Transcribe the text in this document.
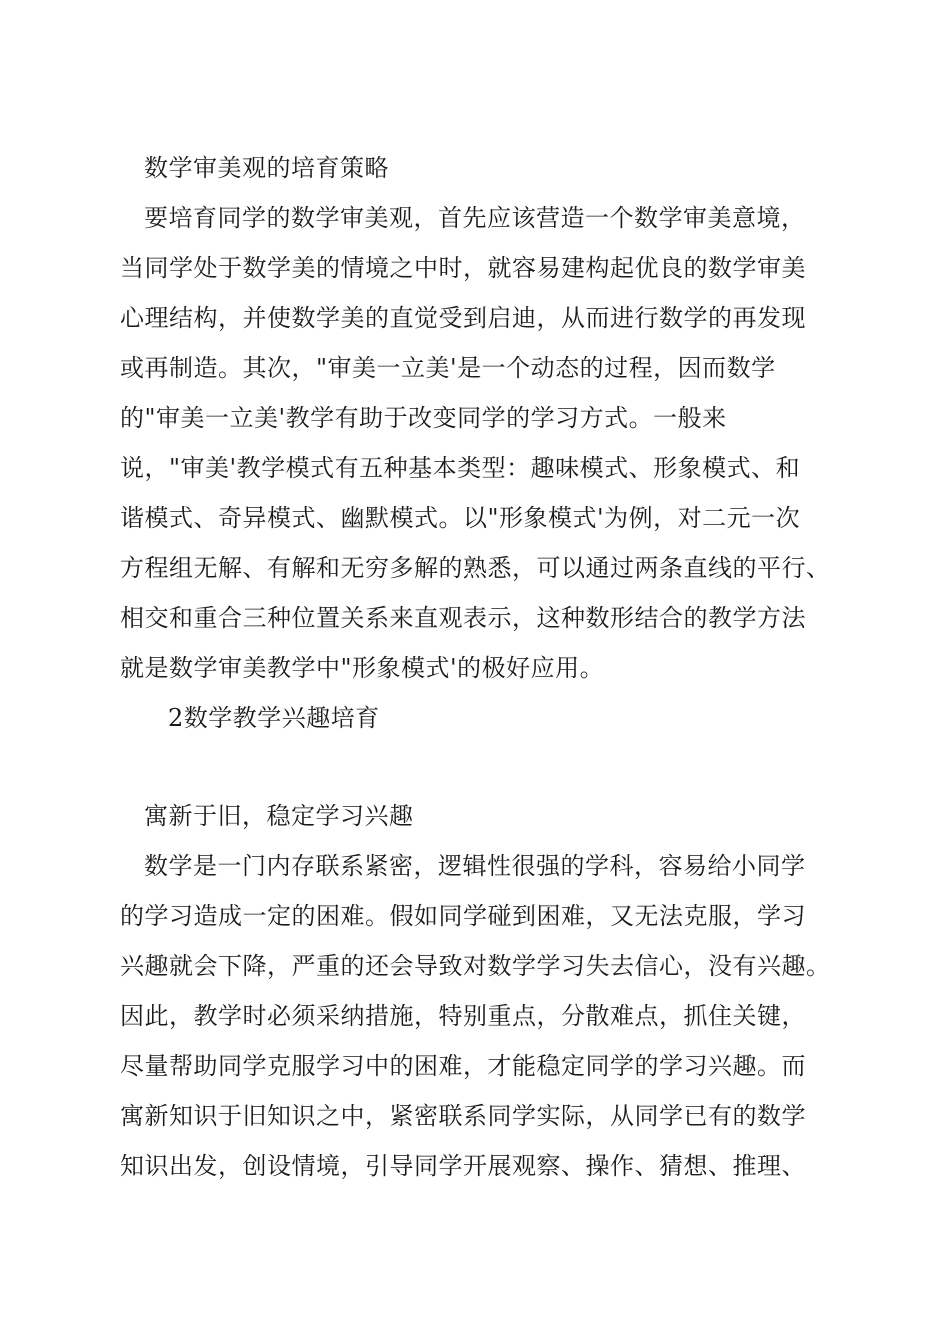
数学审美观的培育策略
要培育同学的数学审美观，首先应该营造一个数学审美意境，
当同学处于数学美的情境之中时，就容易建构起优良的数学审美
心理结构，并使数学美的直觉受到启迪，从而进行数学的再发现
或再制造。其次，"审美一立美'是一个动态的过程，因而数学
的"审美一立美'教学有助于改变同学的学习方式。一般来
说，"审美'教学模式有五种基本类型：趣味模式、形象模式、和
谐模式、奇异模式、幽默模式。以"形象模式'为例，对二元一次
方程组无解、有解和无穷多解的熟悉，可以通过两条直线的平行、
相交和重合三种位置关系来直观表示，这种数形结合的教学方法
就是数学审美教学中"形象模式'的极好应用。
2数学教学兴趣培育
寓新于旧，稳定学习兴趣
数学是一门内存联系紧密，逻辑性很强的学科，容易给小同学
的学习造成一定的困难。假如同学碰到困难，又无法克服，学习
兴趣就会下降，严重的还会导致对数学学习失去信心，没有兴趣。
因此，教学时必须采纳措施，特别重点，分散难点，抓住关键，
尽量帮助同学克服学习中的困难，才能稳定同学的学习兴趣。而
寓新知识于旧知识之中，紧密联系同学实际，从同学已有的数学
知识出发，创设情境，引导同学开展观察、操作、猜想、推理、
